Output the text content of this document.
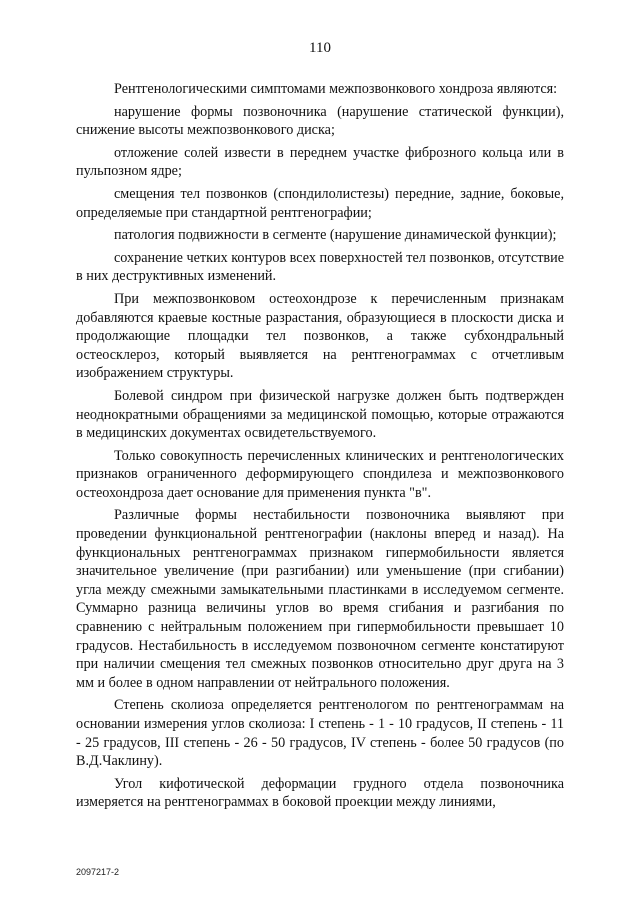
110

Рентгенологическими симптомами межпозвонкового хондроза являются:

нарушение формы позвоночника (нарушение статической функции), снижение высоты межпозвонкового диска;

отложение солей извести в переднем участке фиброзного кольца или в пульпозном ядре;

смещения тел позвонков (спондилолистезы) передние, задние, боковые, определяемые при стандартной рентгенографии;

патология подвижности в сегменте (нарушение динамической функции);

сохранение четких контуров всех поверхностей тел позвонков, отсутствие в них деструктивных изменений.

При межпозвонковом остеохондрозе к перечисленным признакам добавляются краевые костные разрастания, образующиеся в плоскости диска и продолжающие площадки тел позвонков, а также субхондральный остеосклероз, который выявляется на рентгенограммах с отчетливым изображением структуры.

Болевой синдром при физической нагрузке должен быть подтвержден неоднократными обращениями за медицинской помощью, которые отражаются в медицинских документах освидетельствуемого.

Только совокупность перечисленных клинических и рентгенологических признаков ограниченного деформирующего спондилеза и межпозвонкового остеохондроза дает основание для применения пункта "в".

Различные формы нестабильности позвоночника выявляют при проведении функциональной рентгенографии (наклоны вперед и назад). На функциональных рентгенограммах признаком гипермобильности является значительное увеличение (при разгибании) или уменьшение (при сгибании) угла между смежными замыкательными пластинками в исследуемом сегменте. Суммарно разница величины углов во время сгибания и разгибания по сравнению с нейтральным положением при гипермобильности превышает 10 градусов. Нестабильность в исследуемом позвоночном сегменте констатируют при наличии смещения тел смежных позвонков относительно друг друга на 3 мм и более в одном направлении от нейтрального положения.

Степень сколиоза определяется рентгенологом по рентгенограммам на основании измерения углов сколиоза: I степень - 1 - 10 градусов, II степень - 11 - 25 градусов, III степень - 26 - 50 градусов, IV степень - более 50 градусов (по В.Д.Чаклину).

Угол кифотической деформации грудного отдела позвоночника измеряется на рентгенограммах в боковой проекции между линиями,

2097217-2
